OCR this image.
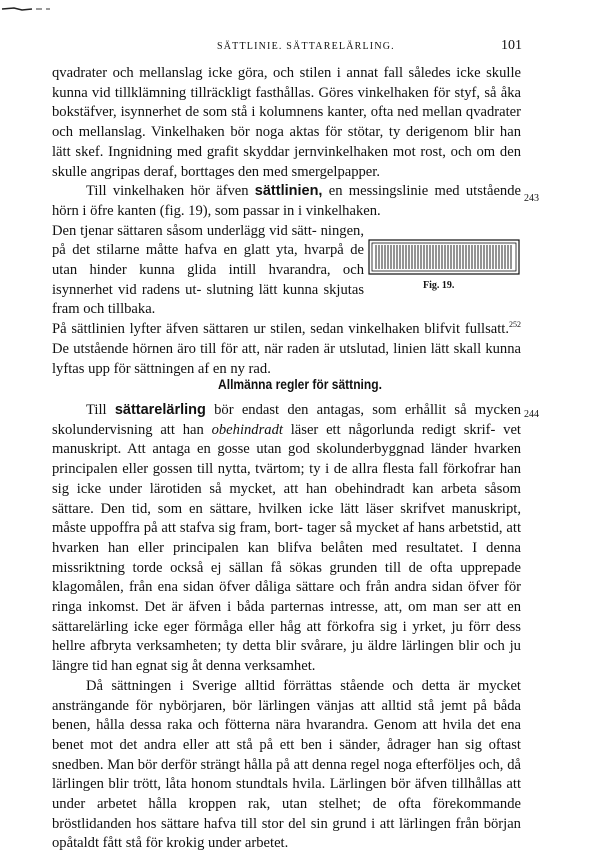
SÄTTLINIE. SÄTTARELÄRLING.	101

qvadrater och mellanslag icke göra, och stilen i annat fall således icke skulle kunna vid tillklämning tillräckligt fasthållas. Göres vinkelhaken för styf, så åka bokstäfver, isynnerhet de som stå i kolumnens kanter, ofta ned mellan qvadrater och mellanslag. Vinkelhaken bör noga aktas för stötar, ty derigenom blir han lätt skef. Ingnidning med grafit skyddar jernvinkelhaken mot rost, och om den skulle angripas deraf, borttages den med smergelpapper.

Till vinkelhaken hör äfven sättlinien, en messingslinie med utstående hörn i öfre kanten (fig. 19), som passar in i vinkelhaken.

Den tjenar sättaren såsom underlägg vid sätt- ningen, på det stilarne måtte hafva en glatt yta, hvarpå de utan hinder kunna glida intill hvarandra, och isynnerhet vid radens ut- slutning lätt kunna skjutas fram och tillbaka.

På sättlinien lyfter äfven sättaren ur stilen, sedan vinkelhaken blifvit fullsatt.$^{252}$ De utstående hörnen äro till för att, när raden är utslutad, linien lätt skall kunna lyftas upp för sättningen af en ny rad.

243
Fig. 19.
Allmänna regler för sättning.
244

Till sättarelärling bör endast den antagas, som erhållit så mycken skolundervisning att han obehindradt läser ett någorlunda redigt skrif- vet manuskript. Att antaga en gosse utan god skolunderbyggnad länder hvarken principalen eller gossen till nytta, tvärtom; ty i de allra flesta fall förkofrar han sig icke under lärotiden så mycket, att han obehindradt kan arbeta såsom sättare. Den tid, som en sättare, hvilken icke lätt läser skrifvet manuskript, måste uppoffra på att stafva sig fram, bort- tager så mycket af hans arbetstid, att hvarken han eller principalen kan blifva belåten med resultatet. I denna missriktning torde också ej sällan få sökas grunden till de ofta upprepade klagomålen, från ena sidan öfver dåliga sättare och från andra sidan öfver för ringa inkomst. Det är äfven i båda parternas intresse, att, om man ser att en sättarelärling icke eger förmåga eller håg att förkofra sig i yrket, ju förr dess hellre afbryta verksamheten; ty detta blir svårare, ju äldre lärlingen blir och ju längre tid han egnat sig åt denna verksamhet.

Då sättningen i Sverige alltid förrättas stående och detta är mycket ansträngande för nybörjaren, bör lärlingen vänjas att alltid stå jemt på båda benen, hålla dessa raka och fötterna nära hvarandra. Genom att hvila det ena benet mot det andra eller att stå på ett ben i sänder, ådrager han sig oftast snedben. Man bör derför strängt hålla på att denna regel noga efterföljes och, då lärlingen blir trött, låta honom stundtals hvila. Lärlingen bör äfven tillhållas att under arbetet hålla kroppen rak, utan stelhet; de ofta förekommande bröstlidanden hos sättare hafva till stor del sin grund i att lärlingen från början opåtaldt fått stå för krokig under arbetet.
